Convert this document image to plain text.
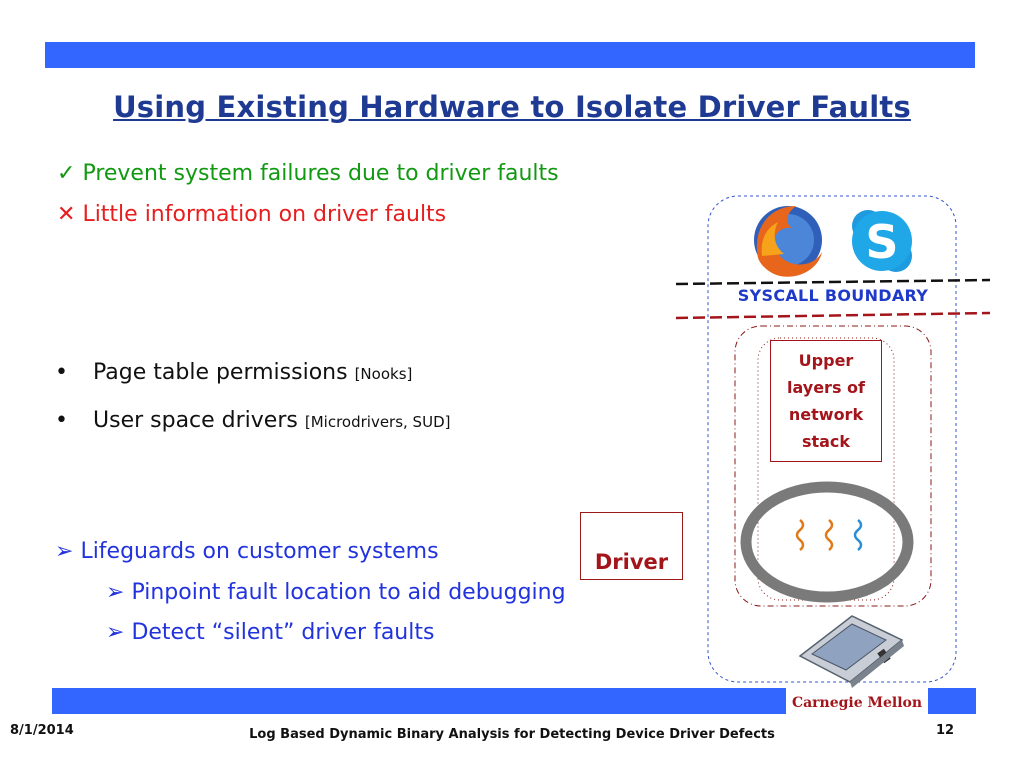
Using Existing Hardware to Isolate Driver Faults
✓ Prevent system failures due to driver faults
✕ Little information on driver faults
• Page table permissions [Nooks]
• User space drivers [Microdrivers, SUD]
➢ Lifeguards on customer systems
➢ Pinpoint fault location to aid debugging
➢ Detect “silent” driver faults
S
SYSCALL BOUNDARY
Upper layers of network stack
Driver
Carnegie Mellon
8/1/2014	Log Based Dynamic Binary Analysis for Detecting Device Driver Defects	12
